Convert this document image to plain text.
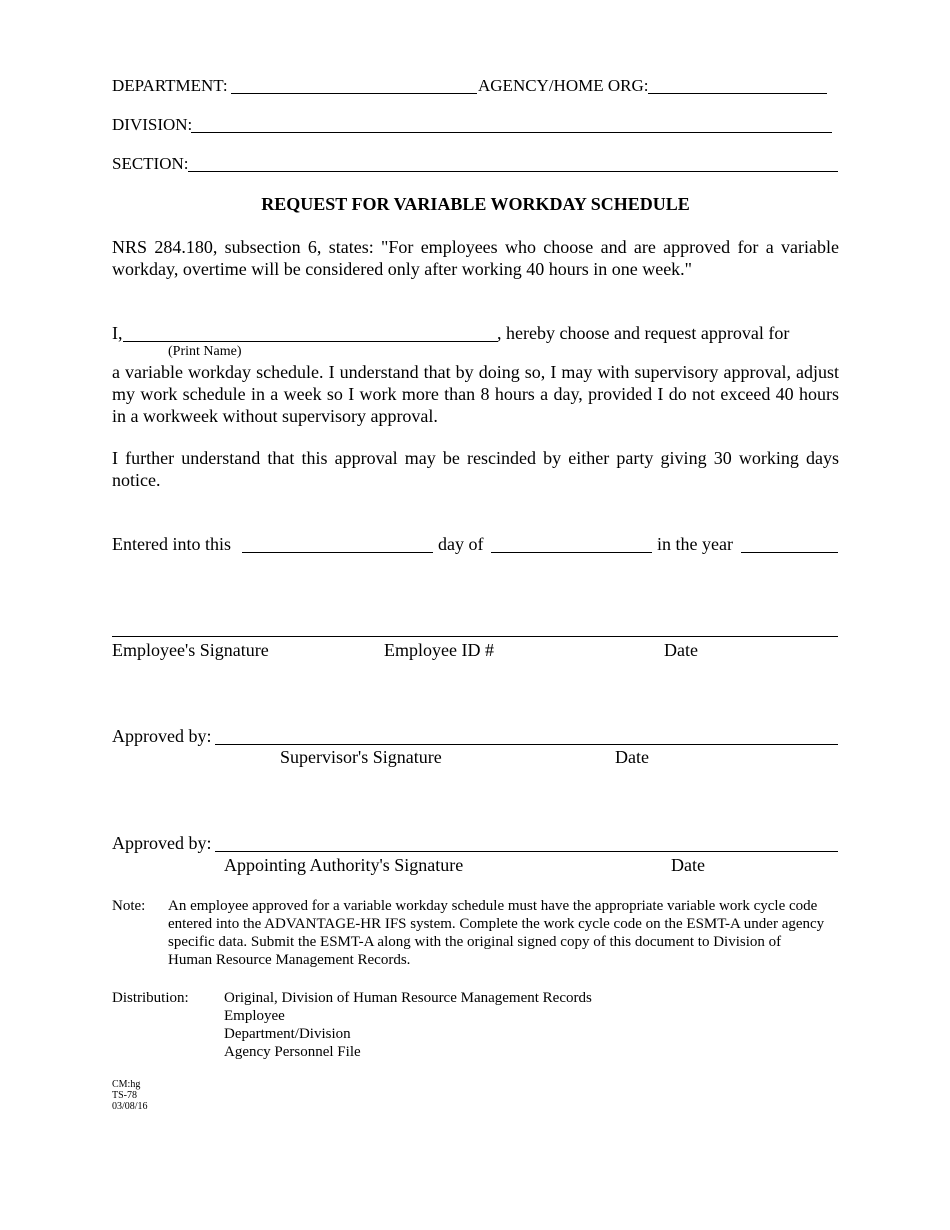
DEPARTMENT:	AGENCY/HOME ORG:
DIVISION:
SECTION:
REQUEST FOR VARIABLE WORKDAY SCHEDULE
NRS 284.180, subsection 6, states: "For employees who choose and are approved for a variable workday, overtime will be considered only after working 40 hours in one week."
I,	, hereby choose and request approval for
(Print Name)
a variable workday schedule. I understand that by doing so, I may with supervisory approval, adjust my work schedule in a week so I work more than 8 hours a day, provided I do not exceed 40 hours in a workweek without supervisory approval.
I further understand that this approval may be rescinded by either party giving 30 working days notice.
Entered into this	day of	in the year
Employee's Signature	Employee ID #	Date
Approved by:
Supervisor's Signature	Date
Approved by:
Appointing Authority's Signature	Date
Note: An employee approved for a variable workday schedule must have the appropriate variable work cycle code entered into the ADVANTAGE-HR IFS system. Complete the work cycle code on the ESMT-A under agency specific data. Submit the ESMT-A along with the original signed copy of this document to Division of Human Resource Management Records.
Distribution: Original, Division of Human Resource Management Records
Employee
Department/Division
Agency Personnel File
CM:hg
TS-78
03/08/16
